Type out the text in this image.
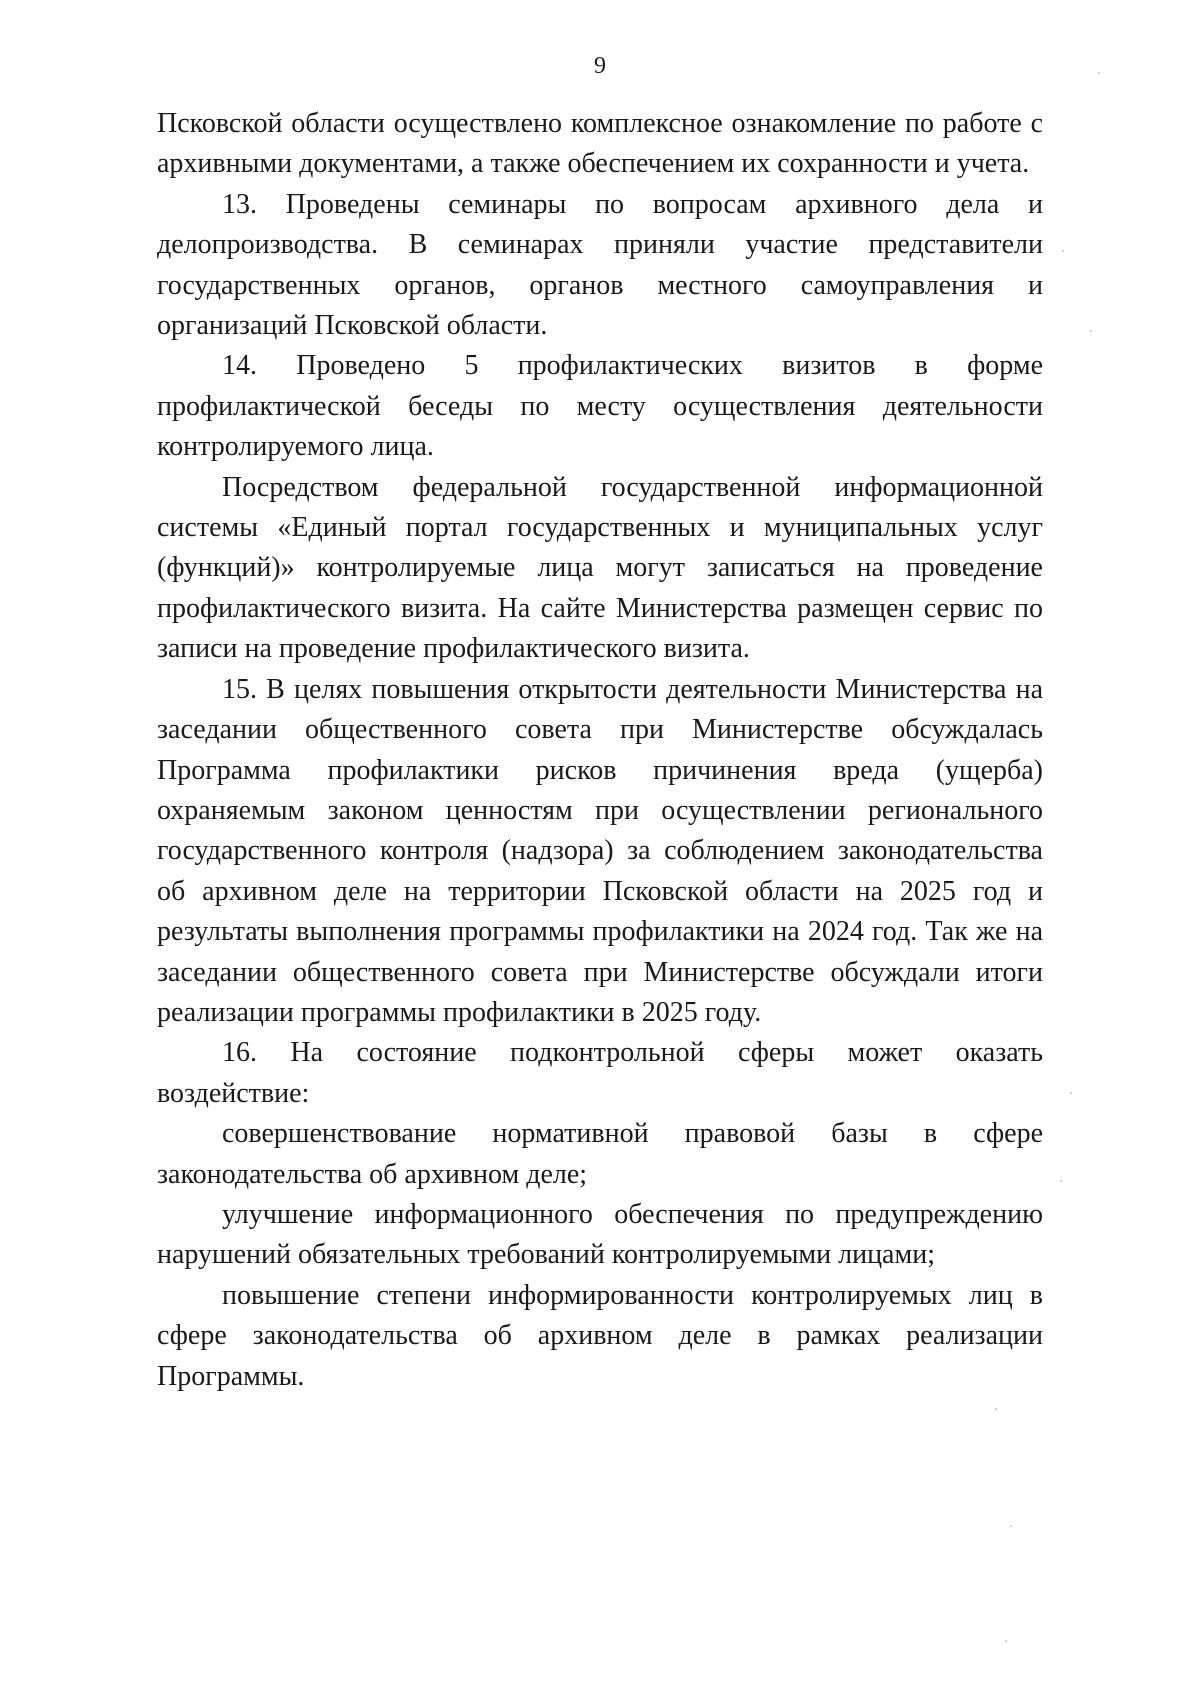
9

Псковской области осуществлено комплексное ознакомление по работе с архивными документами, а также обеспечением их сохранности и учета.

13. Проведены семинары по вопросам архивного дела и делопроизводства. В семинарах приняли участие представители государственных органов, органов местного самоуправления и организаций Псковской области.

14. Проведено 5 профилактических визитов в форме профилактической беседы по месту осуществления деятельности контролируемого лица.

Посредством федеральной государственной информационной системы «Единый портал государственных и муниципальных услуг (функций)» контролируемые лица могут записаться на проведение профилактического визита. На сайте Министерства размещен сервис по записи на проведение профилактического визита.

15. В целях повышения открытости деятельности Министерства на заседании общественного совета при Министерстве обсуждалась Программа профилактики рисков причинения вреда (ущерба) охраняемым законом ценностям при осуществлении регионального государственного контроля (надзора) за соблюдением законодательства об архивном деле на территории Псковской области на 2025 год и результаты выполнения программы профилактики на 2024 год. Так же на заседании общественного совета при Министерстве обсуждали итоги реализации программы профилактики в 2025 году.

16. На состояние подконтрольной сферы может оказать воздействие:

совершенствование нормативной правовой базы в сфере законодательства об архивном деле;

улучшение информационного обеспечения по предупреждению нарушений обязательных требований контролируемыми лицами;

повышение степени информированности контролируемых лиц в сфере законодательства об архивном деле в рамках реализации Программы.
